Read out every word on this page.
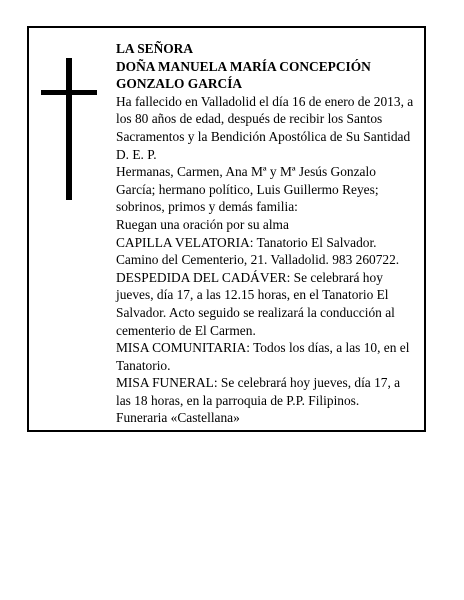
LA SEÑORA
DOÑA MANUELA MARÍA CONCEPCIÓN
GONZALO GARCÍA
Ha fallecido en Valladolid el día 16 de enero de 2013, a
los 80 años de edad, después de recibir los Santos
Sacramentos y la Bendición Apostólica de Su Santidad
D. E. P.
Hermanas, Carmen, Ana Mª y Mª Jesús Gonzalo
García; hermano político, Luis Guillermo Reyes;
sobrinos, primos y demás familia:
Ruegan una oración por su alma
CAPILLA VELATORIA: Tanatorio El Salvador.
Camino del Cementerio, 21. Valladolid. 983 260722.
DESPEDIDA DEL CADÁVER: Se celebrará hoy
jueves, día 17, a las 12.15 horas, en el Tanatorio El
Salvador. Acto seguido se realizará la conducción al
cementerio de El Carmen.
MISA COMUNITARIA: Todos los días, a las 10, en el
Tanatorio.
MISA FUNERAL: Se celebrará hoy jueves, día 17, a
las 18 horas, en la parroquia de P.P. Filipinos.
Funeraria «Castellana»
